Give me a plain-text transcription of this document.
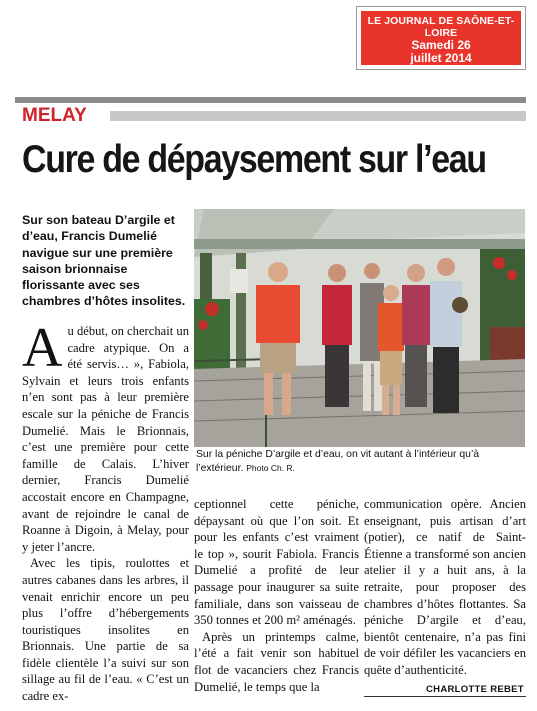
LE JOURNAL DE SAÔNE-ET-LOIRE
Samedi 26
juillet 2014
MELAY
Cure de dépaysement sur l’eau
Sur son bateau D’argile et d’eau, Francis Dumelié navigue sur une première saison brionnaise florissante avec ses chambres d’hôtes insolites.

Au début, on cherchait un cadre atypique. On a été servis… », Fabiola, Sylvain et leurs trois enfants n’en sont pas à leur première escale sur la péniche de Francis Dumelié. Mais le Brionnais, c’est une première pour cette famille de Calais. L’hiver dernier, Francis Dumelié accostait encore en Champagne, avant de rejoindre le canal de Roanne à Digoin, à Melay, pour y jeter l’ancre.

Avec les tipis, roulottes et autres cabanes dans les arbres, il venait enrichir encore un peu plus l’offre d’hébergements touristiques insolites en Brionnais. Une partie de sa fidèle clientèle l’a suivi sur son sillage au fil de l’eau. « C’est un cadre ex-

Sur la péniche D’argile et d’eau, on vit autant à l’intérieur qu’à l’extérieur. Photo Ch. R.

ceptionnel cette péniche, dépaysant où que l’on soit. Et pour les enfants c’est vraiment le top », sourit Fabiola. Francis Dumelié a profité de leur passage pour inaugurer sa suite familiale, dans son vaisseau de 350 tonnes et 200 m² aménagés.

Après un printemps calme, l’été a fait venir son habituel flot de vacanciers chez Francis Dumelié, le temps que la

communication opère. Ancien enseignant, puis artisan d’art (potier), ce natif de Saint-Étienne a transformé son ancien atelier il y a huit ans, à la retraite, pour proposer des chambres d’hôtes flottantes. Sa péniche D’argile et d’eau, bientôt centenaire, n’a pas fini de voir défiler les vacanciers en quête d’authenticité.

CHARLOTTE REBET
